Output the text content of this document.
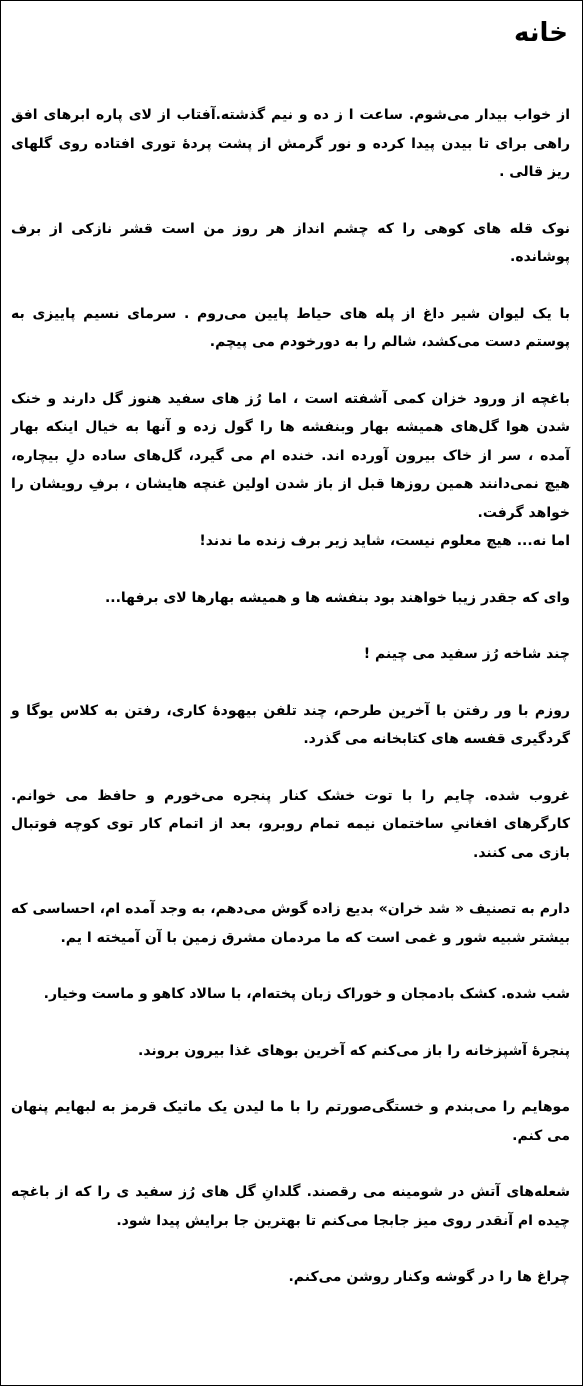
خانه

از خواب بیدار می‌شوم. ساعت ا ز ده و نیم گذشته.آفتاب از لای پاره ابرهای افق راهی برای تا بیدن پیدا کرده و نور گرمش از پشت پردهٔ توری افتاده روی گلهای ریز قالی .

نوک قله های کوهی را که چشم انداز هر روز من است قشر نازکی از برف پوشانده.

با یک لیوان شیر داغ از پله های حیاط پایین می‌روم . سرمای نسیم پاییزی به پوستم دست می‌کشد، شالم را به دورخودم می پیچم.

باغچه از ورود خزان کمی آشفته است ، اما رُز های سفید هنوز گل دارند و خنک شدن هوا گل‌های همیشه بهار وبنفشه ها را گول زده و آنها به خیال اینکه بهار آمده ، سر از خاک بیرون آورده اند. خنده ام می گیرد، گل‌های ساده دلِ بیچاره، هیچ نمی‌دانند همین روزها قبل از باز شدن اولین غنچه هایشان ، برفِ رویشان را خواهد گرفت.

اما نه... هیچ معلوم نیست، شاید زیر برف زنده ما ندند!

وای که جقدر زیبا خواهند بود بنفشه ها و همیشه بهارها لای برفها...

چند شاخه رُز سفید می چینم !

روزم با ور رفتن با آخرین طرحم، چند تلفن بیهودهٔ کاری، رفتن به کلاس یوگا و گردگیری قفسه های کتابخانه می گذرد.

غروب شده. چایم را با توت خشک کنار پنجره می‌خورم و حافظ می خوانم. کارگرهای افغانیِ ساختمان نیمه تمام روبرو، بعد از اتمام کار توی کوچه فوتبال بازی می کنند.

دارم به تصنیف « شد خران» بدیع زاده گوش می‌دهم، به وجد آمده ام، احساسی که بیشتر شبیه شور و غمی است که ما مردمان مشرق زمین با آن آمیخته ا یم.

شب شده. کشک بادمجان و خوراک زبان پخته‌ام، با سالاد کاهو و ماست وخیار.

پنجرهٔ آشپزخانه را باز می‌کنم که آخرین بوهای غذا بیرون بروند.

موهایم را می‌بندم و خستگی‌صورتم را با ما لیدن یک ماتیک قرمز به لبهایم پنهان می کنم.

شعله‌های آتش در شومینه می رقصند. گلدانِ گل های رُز سفید ی را که از باغچه چیده ام آنقدر روی میز جابجا می‌کنم تا بهترین جا برایش پیدا شود.

چراغ ها را در گوشه وکنار روشن می‌کنم.
